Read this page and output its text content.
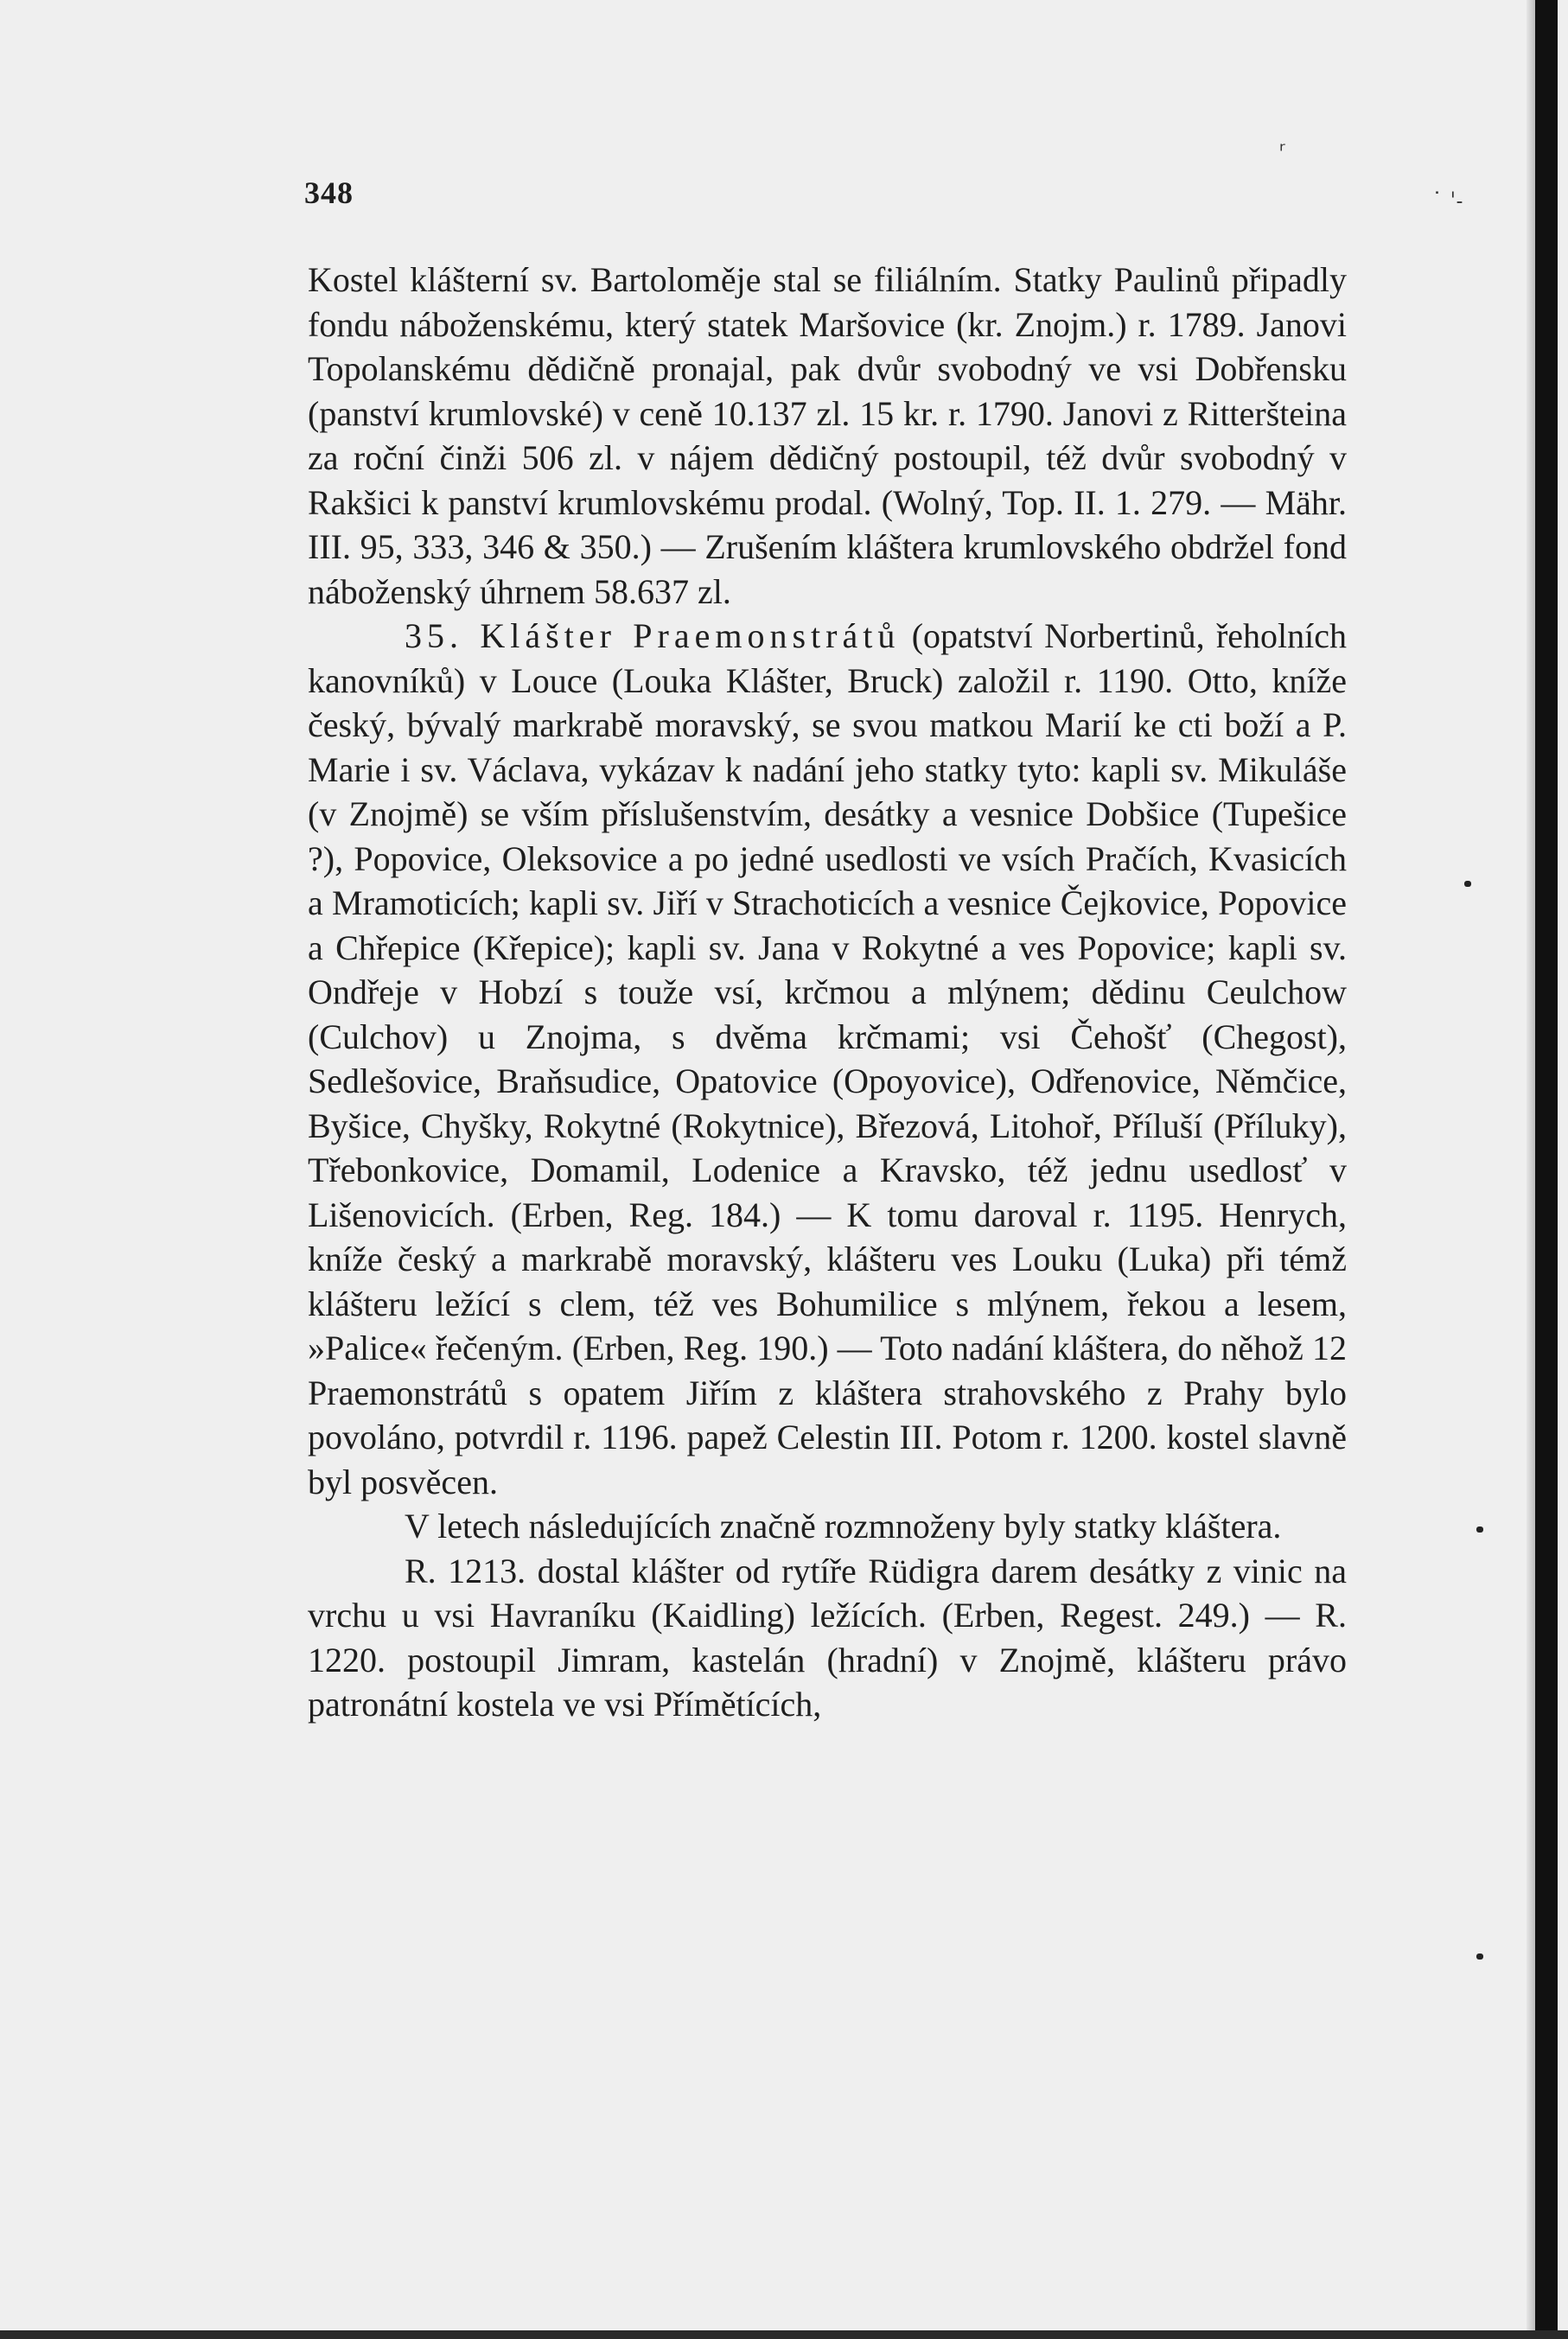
348
ʳ
˙ ˈ˗

Kostel klášterní sv. Bartoloměje stal se filiálním. Statky Paulinů připadly fondu náboženskému, který statek Maršovice (kr. Znojm.) r. 1789. Janovi Topolanskému dědičně pronajal, pak dvůr svobodný ve vsi Dobřensku (panství krumlovské) v ceně 10.137 zl. 15 kr. r. 1790. Janovi z Ritteršteina za roční činži 506 zl. v nájem dědičný postoupil, též dvůr svobodný v Rakšici k panství krumlovskému prodal. (Wolný, Top. II. 1. 279. — Mähr. III. 95, 333, 346 & 350.) — Zrušením kláštera krumlovského obdržel fond náboženský úhrnem 58.637 zl.

35. Klášter Praemonstrátů (opatství Norbertinů, řeholních kanovníků) v Louce (Louka Klášter, Bruck) založil r. 1190. Otto, kníže český, bývalý markrabě moravský, se svou matkou Marií ke cti boží a P. Marie i sv. Václava, vykázav k nadání jeho statky tyto: kapli sv. Mikuláše (v Znojmě) se vším příslušenstvím, desátky a vesnice Dobšice (Tupešice ?), Popovice, Oleksovice a po jedné usedlosti ve vsích Pračích, Kvasicích a Mramoticích; kapli sv. Jiří v Strachoticích a vesnice Čejkovice, Popovice a Chřepice (Křepice); kapli sv. Jana v Rokytné a ves Popovice; kapli sv. Ondřeje v Hobzí s touže vsí, krčmou a mlýnem; dědinu Ceulchow (Culchov) u Znojma, s dvěma krčmami; vsi Čehošť (Chegost), Sedlešovice, Braňsudice, Opatovice (Opoyovice), Odřenovice, Němčice, Byšice, Chyšky, Rokytné (Rokytnice), Březová, Litohoř, Příluší (Příluky), Třebonkovice, Domamil, Lodenice a Kravsko, též jednu usedlosť v Lišenovicích. (Erben, Reg. 184.) — K tomu daroval r. 1195. Henrych, kníže český a markrabě moravský, klášteru ves Louku (Luka) při témž klášteru ležící s clem, též ves Bohumilice s mlýnem, řekou a lesem, »Palice« řečeným. (Erben, Reg. 190.) — Toto nadání kláštera, do něhož 12 Praemonstrátů s opatem Jiřím z kláštera strahovského z Prahy bylo povoláno, potvrdil r. 1196. papež Celestin III. Potom r. 1200. kostel slavně byl posvěcen.

V letech následujících značně rozmnoženy byly statky kláštera.

R. 1213. dostal klášter od rytíře Rüdigra darem desátky z vinic na vrchu u vsi Havraníku (Kaidling) ležících. (Erben, Regest. 249.) — R. 1220. postoupil Jimram, kastelán (hradní) v Znojmě, klášteru právo patronátní kostela ve vsi Přímětících,
